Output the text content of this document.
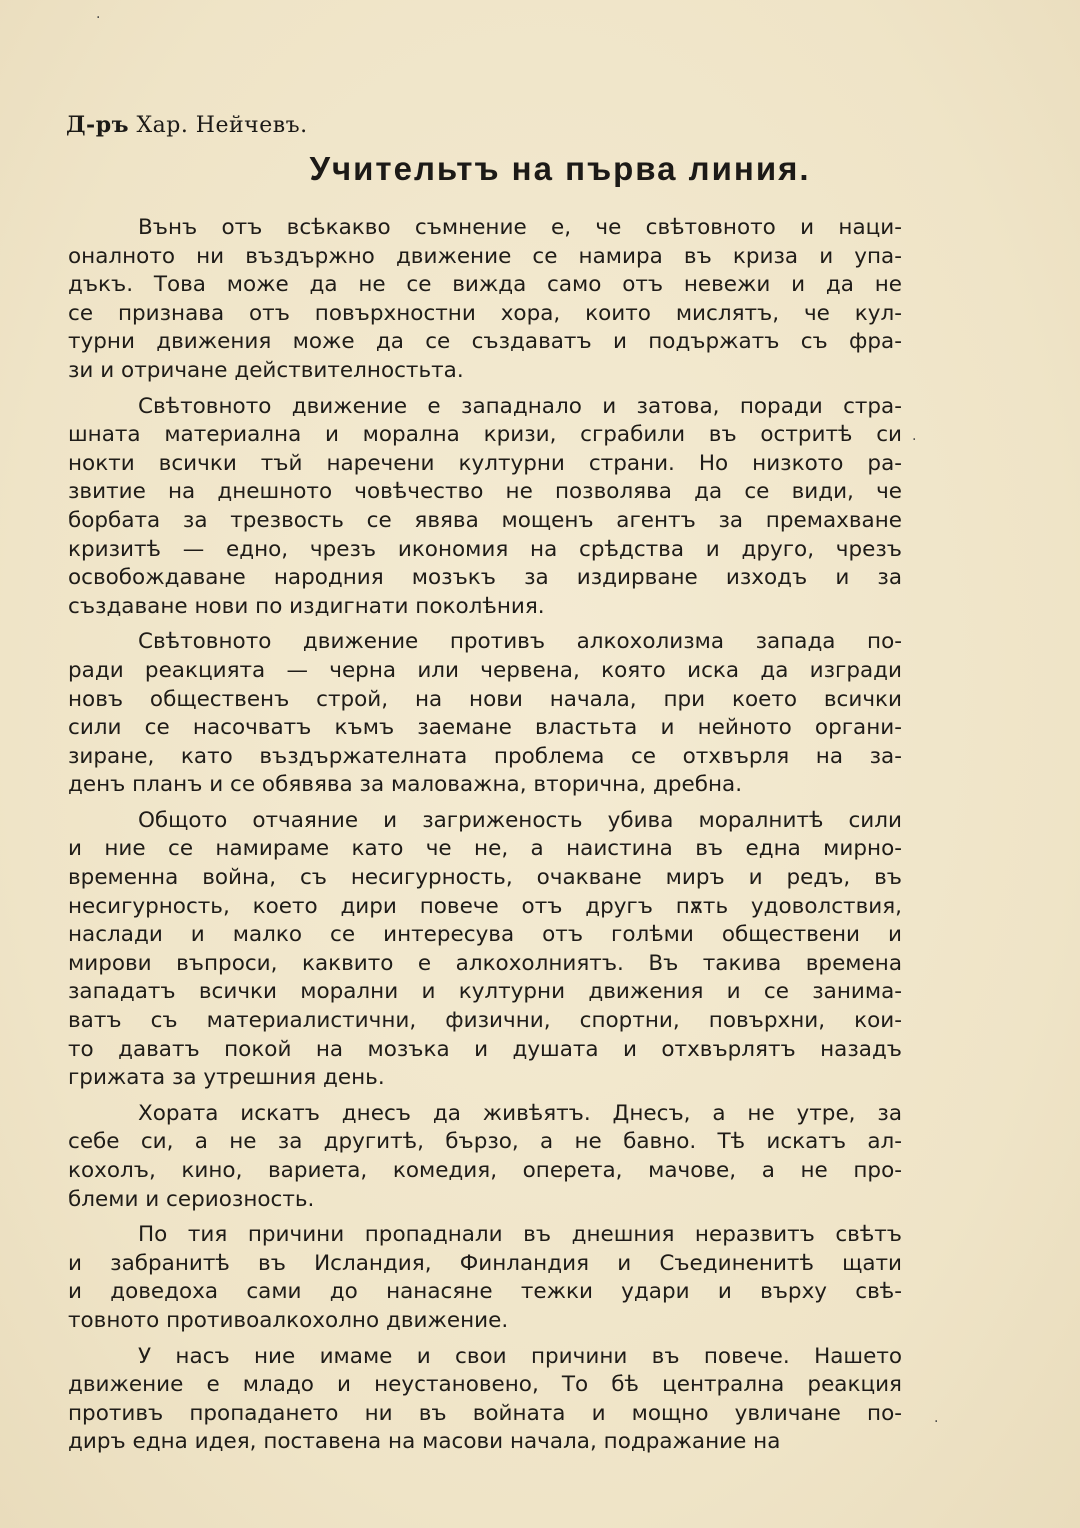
Д-ръ Хар. Нейчевъ.
Учительтъ на първа линия.
Вънъ отъ всѣкакво съмнение е, че свѣтовното и наци-
оналното ни въздържно движение се намира въ криза и упа-
дъкъ. Това може да не се вижда само отъ невежи и да не
се признава отъ повърхностни хора, които мислятъ, че кул-
турни движения може да се създаватъ и подържатъ съ фра-
зи и отричане действителностьта.
Свѣтовното движение е западнало и затова, поради стра-
шната материална и морална кризи, сграбили въ остритѣ си
нокти всички тъй наречени културни страни. Но низкото ра-
звитие на днешното човѣчество не позволява да се види, че
борбата за трезвость се явява мощенъ агентъ за премахване
кризитѣ — едно, чрезъ икономия на срѣдства и друго, чрезъ
освобождаване народния мозъкъ за издирване изходъ и за
създаване нови по издигнати поколѣния.
Свѣтовното движение противъ алкохолизма запада по-
ради реакцията — черна или червена, която иска да изгради
новъ общественъ строй, на нови начала, при което всички
сили се насочватъ къмъ заемане властьта и нейното органи-
зиране, като въздържателната проблема се отхвърля на за-
денъ планъ и се обявява за маловажна, вторична, дребна.
Общото отчаяние и загриженость убива моралнитѣ сили
и ние се намираме като че не, а наистина въ една мирно-
временна война, съ несигурность, очакване миръ и редъ, въ
несигурность, което дири повече отъ другъ пѫть удоволствия,
наслади и малко се интересува отъ голѣми обществени и
мирови въпроси, каквито е алкохолниятъ. Въ такива времена
западатъ всички морални и културни движения и се занима-
ватъ съ материалистични, физични, спортни, повърхни, кои-
то даватъ покой на мозъка и душата и отхвърлятъ назадъ
грижата за утрешния день.
Хората искатъ днесъ да живѣятъ. Днесъ, а не утре, за
себе си, а не за другитѣ, бързо, а не бавно. Тѣ искатъ ал-
кохолъ, кино, вариета, комедия, оперета, мачове, а не про-
блеми и сериозность.
По тия причини пропаднали въ днешния неразвитъ свѣтъ
и забранитѣ въ Исландия, Финландия и Съединенитѣ щати
и доведоха сами до нанасяне тежки удари и върху свѣ-
товното противоалкохолно движение.
У насъ ние имаме и свои причини въ повече. Нашето
движение е младо и неустановено, То бѣ централна реакция
противъ пропадането ни въ войната и мощно увличане по-
диръ една идея, поставена на масови начала, подражание на
·
·
·
